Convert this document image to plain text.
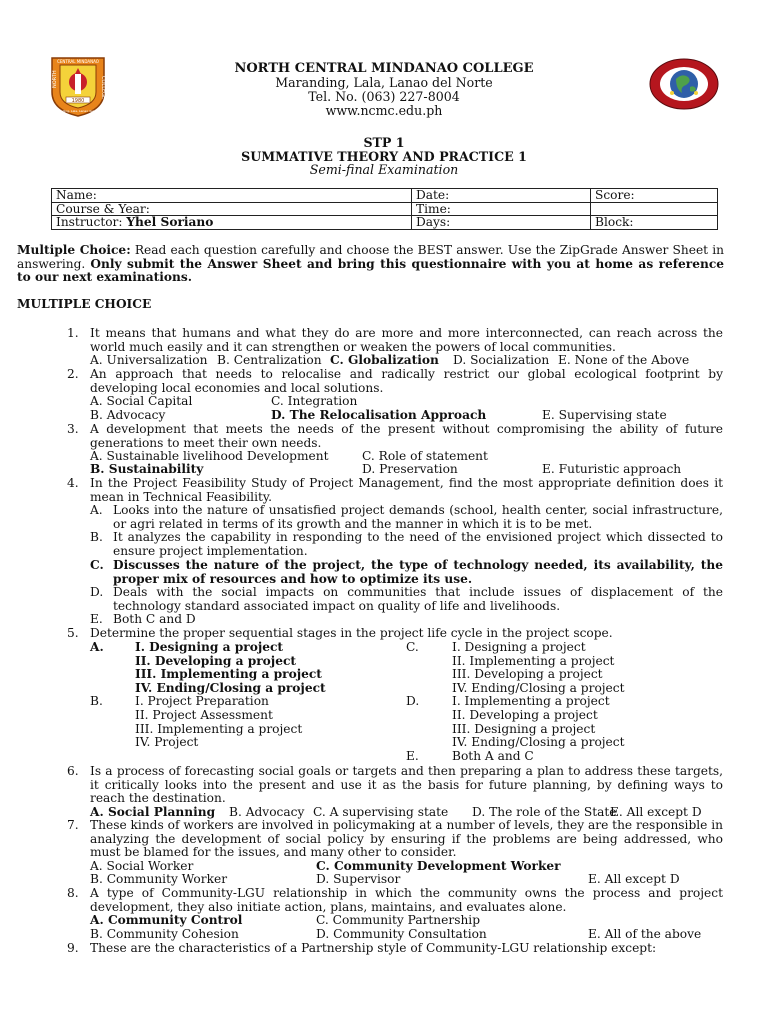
1980
NORTH	COLLEGE
CENTRAL MINDANAO
Maranding, Lala, Lanao del Norte
NORTH CENTRAL MINDANAO COLLEGE
Maranding, Lala, Lanao del Norte
Tel. No. (063) 227-8004
www.ncmc.edu.ph
STP 1
SUMMATIVE THEORY AND PRACTICE 1
Semi-final Examination
Name:	Date:	Score:
Course & Year:	Time:	
Instructor: Yhel Soriano	Days:	Block:
Multiple Choice: Read each question carefully and choose the BEST answer. Use the ZipGrade Answer Sheet in answering. Only submit the Answer Sheet and bring this questionnaire with you at home as reference to our next examinations.
MULTIPLE CHOICE
1. It means that humans and what they do are more and more interconnected, can reach across the world much easily and it can strengthen or weaken the powers of local communities.
A. Universalization B. Centralization C. Globalization D. Socialization E. None of the Above
2. An approach that needs to relocalise and radically restrict our global ecological footprint by developing local economies and local solutions.
A. Social Capital	C. Integration
B. Advocacy	D. The Relocalisation Approach	E. Supervising state
3. A development that meets the needs of the present without compromising the ability of future generations to meet their own needs.
A. Sustainable livelihood Development	C. Role of statement
B. Sustainability	D. Preservation	E. Futuristic approach
4. In the Project Feasibility Study of Project Management, find the most appropriate definition does it mean in Technical Feasibility.
A. Looks into the nature of unsatisfied project demands (school, health center, social infrastructure, or agri related in terms of its growth and the manner in which it is to be met.
B. It analyzes the capability in responding to the need of the envisioned project which dissected to ensure project implementation.
C. Discusses the nature of the project, the type of technology needed, its availability, the proper mix of resources and how to optimize its use.
D. Deals with the social impacts on communities that include issues of displacement of the technology standard associated impact on quality of life and livelihoods.
E. Both C and D
5. Determine the proper sequential stages in the project life cycle in the project scope.
A.	I. Designing a project
II. Developing a project
III. Implementing a project
IV. Ending/Closing a project
C.	I. Designing a project
II. Implementing a project
III. Developing a project
IV. Ending/Closing a project
B.	I. Project Preparation
II. Project Assessment
III. Implementing a project
IV. Project
D.	I. Implementing a project
II. Developing a project
III. Designing a project
IV. Ending/Closing a project
E.	Both A and C
6. Is a process of forecasting social goals or targets and then preparing a plan to address these targets, it critically looks into the present and use it as the basis for future planning, by defining ways to reach the destination.
A. Social Planning B. Advocacy C. A supervising state D. The role of the State
E. All except D
7. These kinds of workers are involved in policymaking at a number of levels, they are the responsible in analyzing the development of social policy by ensuring if the problems are being addressed, who must be blamed for the issues, and many other to consider.
A. Social Worker	C. Community Development Worker
B. Community Worker	D. Supervisor	E. All except D
8. A type of Community-LGU relationship in which the community owns the process and project development, they also initiate action, plans, maintains, and evaluates alone.
A. Community Control	C. Community Partnership
B. Community Cohesion	D. Community Consultation	E. All of the above
9. These are the characteristics of a Partnership style of Community-LGU relationship except:
